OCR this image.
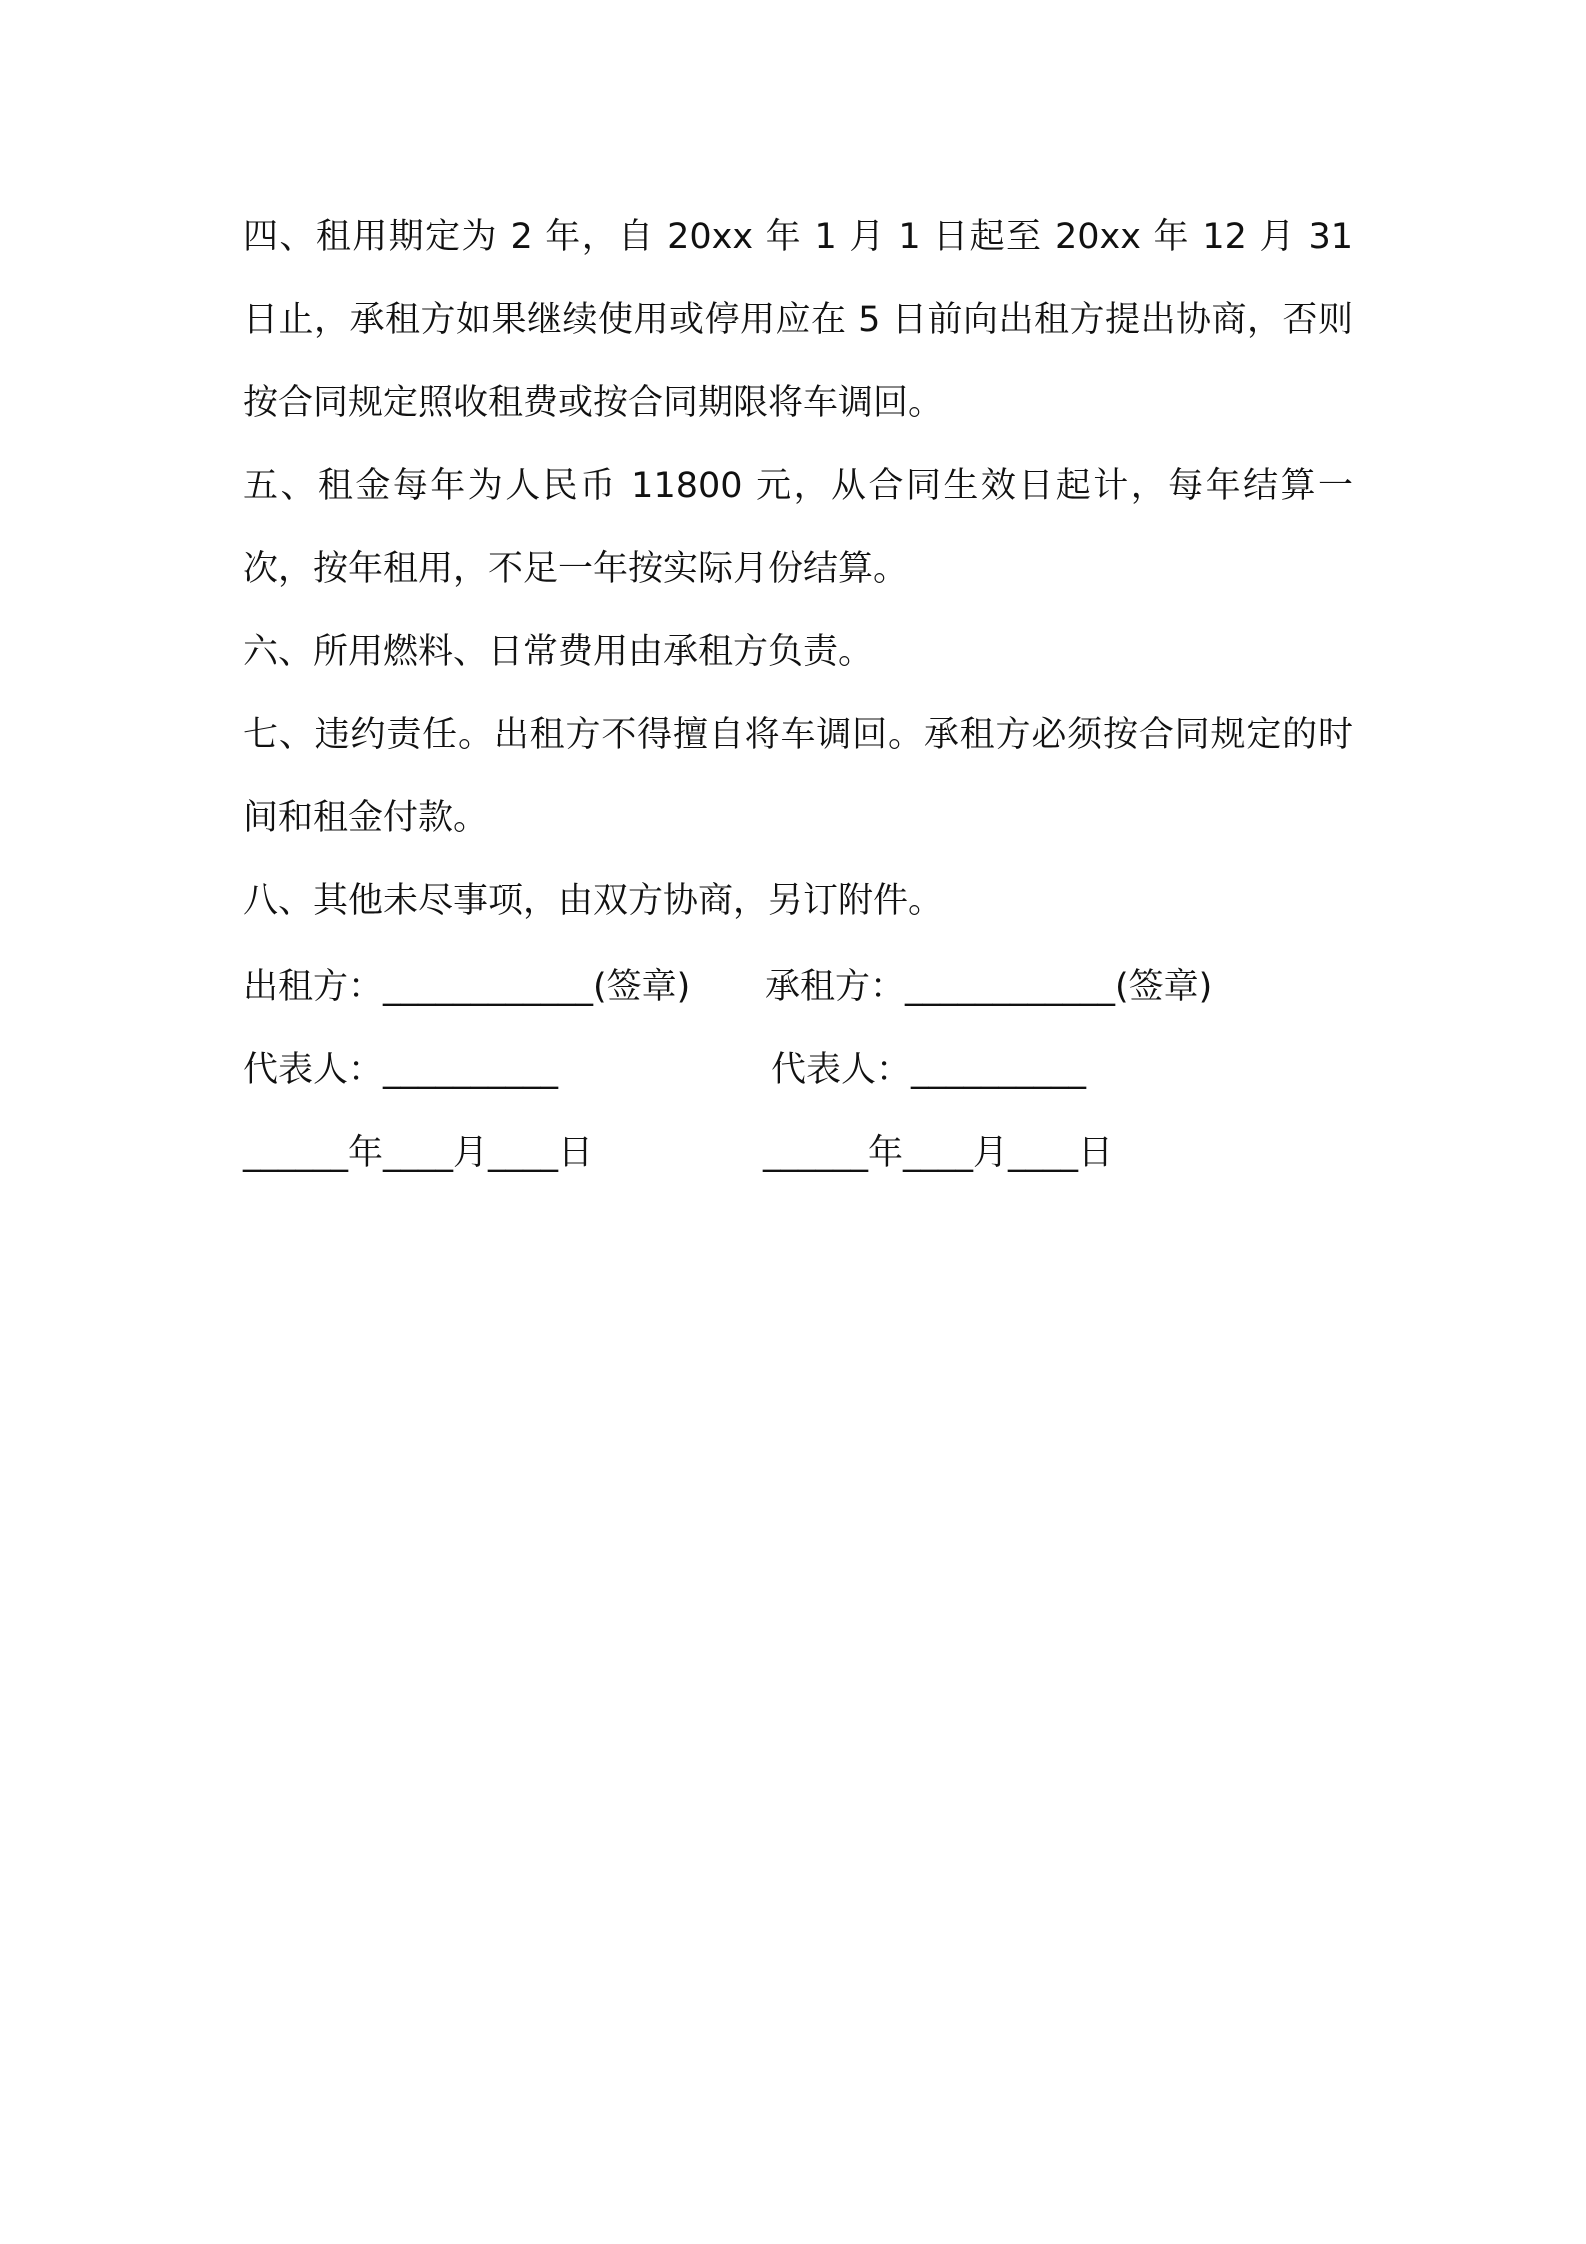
四、租用期定为 2 年，自 20xx 年 1 月 1 日起至 20xx 年 12 月 31 日止，承租方如果继续使用或停用应在 5 日前向出租方提出协商，否则按合同规定照收租费或按合同期限将车调回。

五、租金每年为人民币 11800 元，从合同生效日起计，每年结算一次，按年租用，不足一年按实际月份结算。

六、所用燃料、日常费用由承租方负责。

七、违约责任。出租方不得擅自将车调回。承租方必须按合同规定的时间和租金付款。

八、其他未尽事项，由双方协商，另订附件。

出租方：____________(签章)

承租方：____________(签章)

代表人：__________

	代表人：__________

______年____月____日

	______年____月____日
